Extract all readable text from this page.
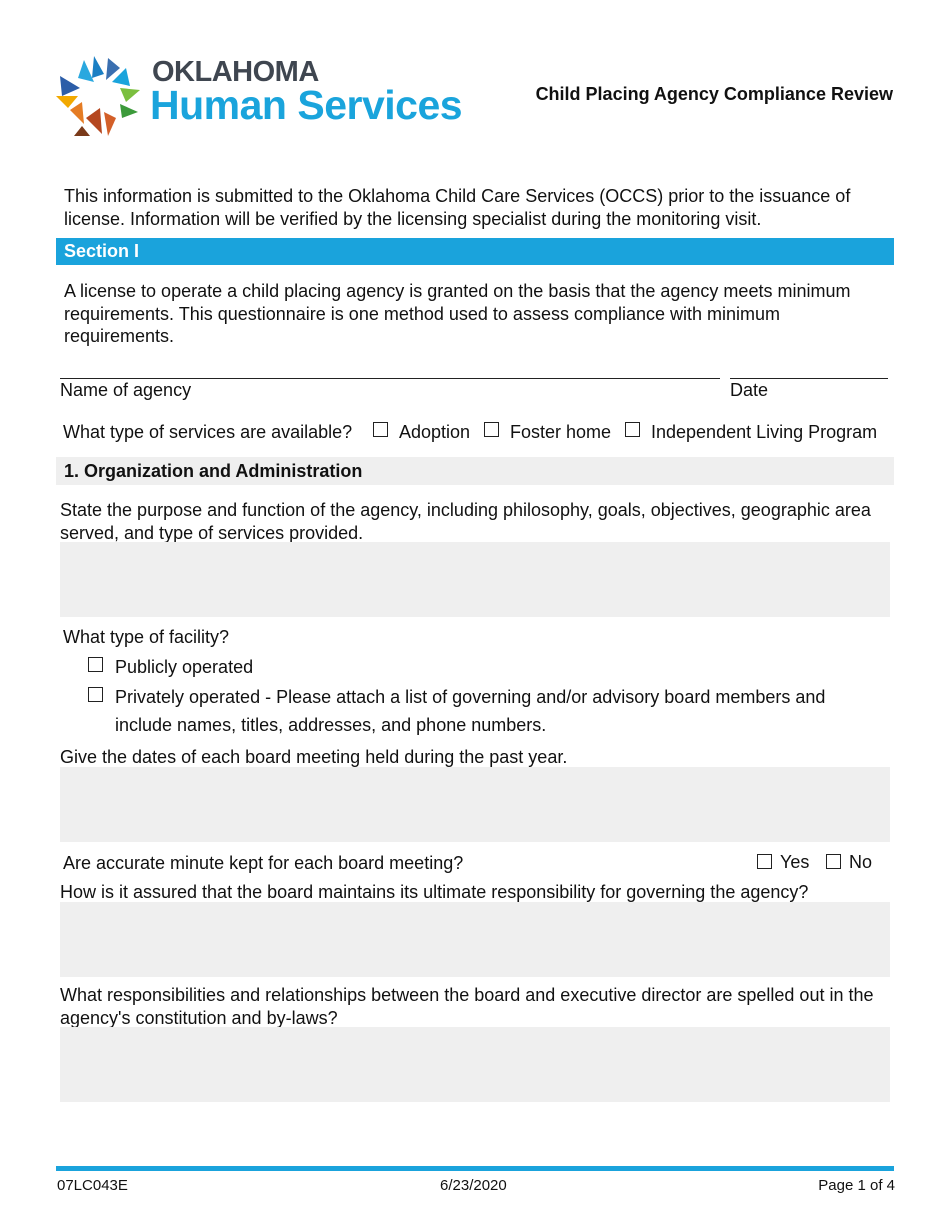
OKLAHOMA
Human Services	Child Placing Agency Compliance Review
This information is submitted to the Oklahoma Child Care Services (OCCS) prior to the issuance of license. Information will be verified by the licensing specialist during the monitoring visit.
Section I
A license to operate a child placing agency is granted on the basis that the agency meets minimum requirements. This questionnaire is one method used to assess compliance with minimum requirements.
Name of agency	Date
What type of services are available?	Adoption Foster home Independent Living Program
1. Organization and Administration
State the purpose and function of the agency, including philosophy, goals, objectives, geographic area served, and type of services provided.
What type of facility?
Publicly operated
Privately operated - Please attach a list of governing and/or advisory board members and
include names, titles, addresses, and phone numbers.
Give the dates of each board meeting held during the past year.
Are accurate minute kept for each board meeting?	Yes No
How is it assured that the board maintains its ultimate responsibility for governing the agency?
What responsibilities and relationships between the board and executive director are spelled out in the agency's constitution and by-laws?
07LC043E	6/23/2020	Page 1 of 4
